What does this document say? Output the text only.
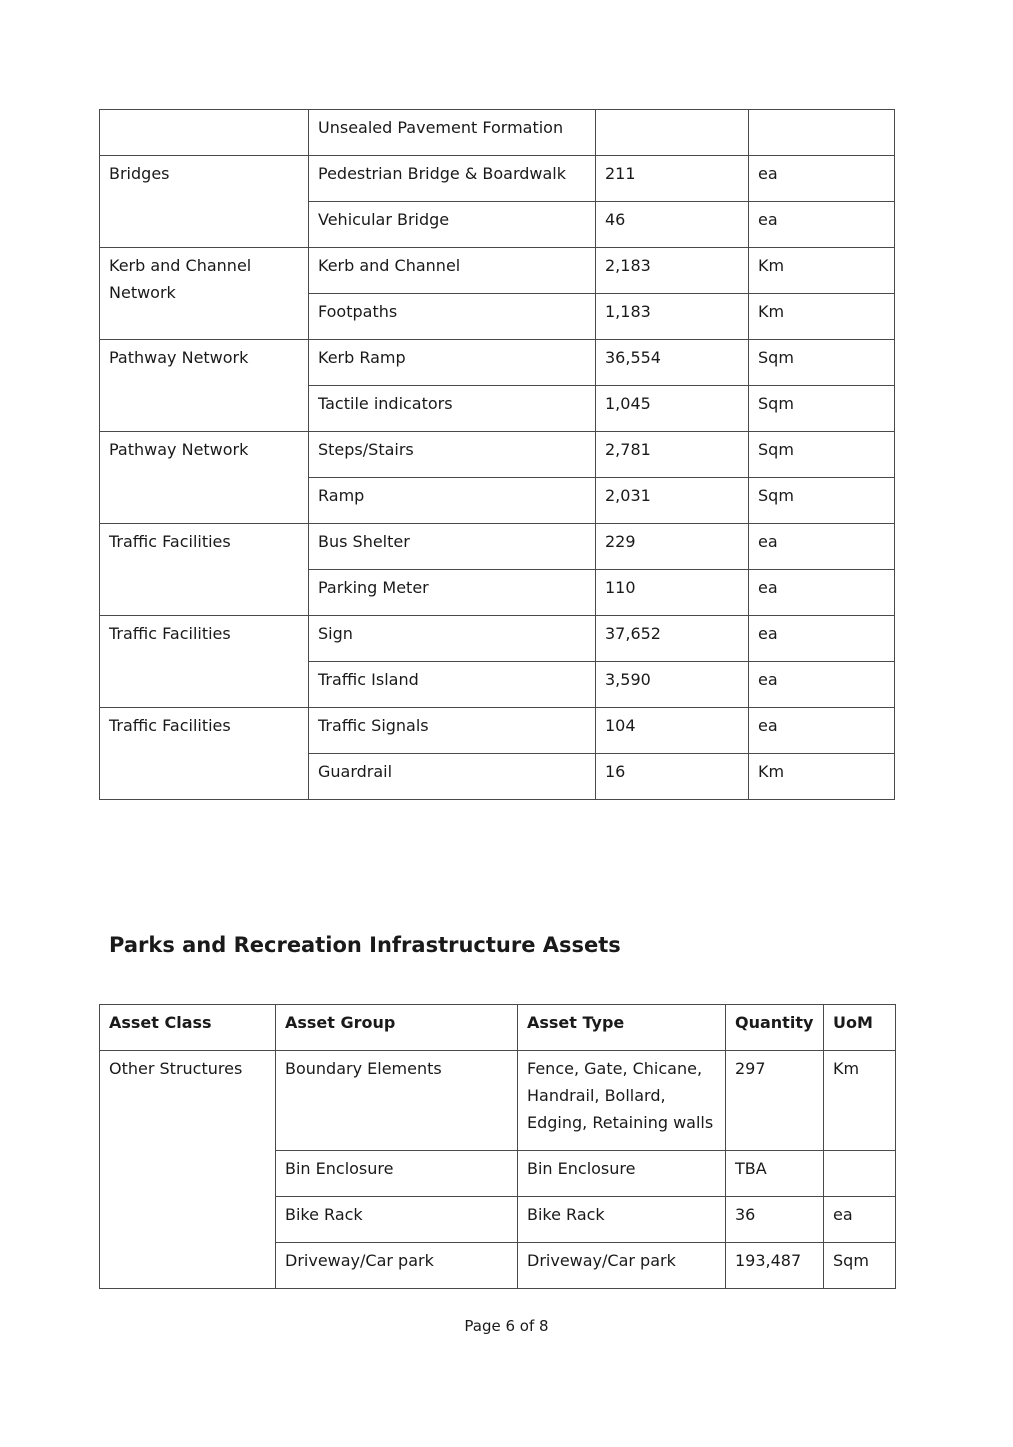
	Unsealed Pavement Formation		

Bridges	Pedestrian Bridge & Boardwalk	211	ea

	Vehicular Bridge	46	ea

Kerb and Channel Network	Kerb and Channel	2,183	Km

	Footpaths	1,183	Km

Pathway Network	Kerb Ramp	36,554	Sqm

	Tactile indicators	1,045	Sqm

Pathway Network	Steps/Stairs	2,781	Sqm

	Ramp	2,031	Sqm

Traffic Facilities	Bus Shelter	229	ea

	Parking Meter	110	ea

Traffic Facilities	Sign	37,652	ea

	Traffic Island	3,590	ea

Traffic Facilities	Traffic Signals	104	ea

	Guardrail	16	Km
Parks and Recreation Infrastructure Assets
Asset Class	Asset Group	Asset Type	Quantity	UoM

Other Structures	Boundary Elements	Fence, Gate, Chicane, Handrail, Bollard, Edging, Retaining walls	297	Km

	Bin Enclosure	Bin Enclosure	TBA	

	Bike Rack	Bike Rack	36	ea

	Driveway/Car park	Driveway/Car park	193,487	Sqm
Page 6 of 8
